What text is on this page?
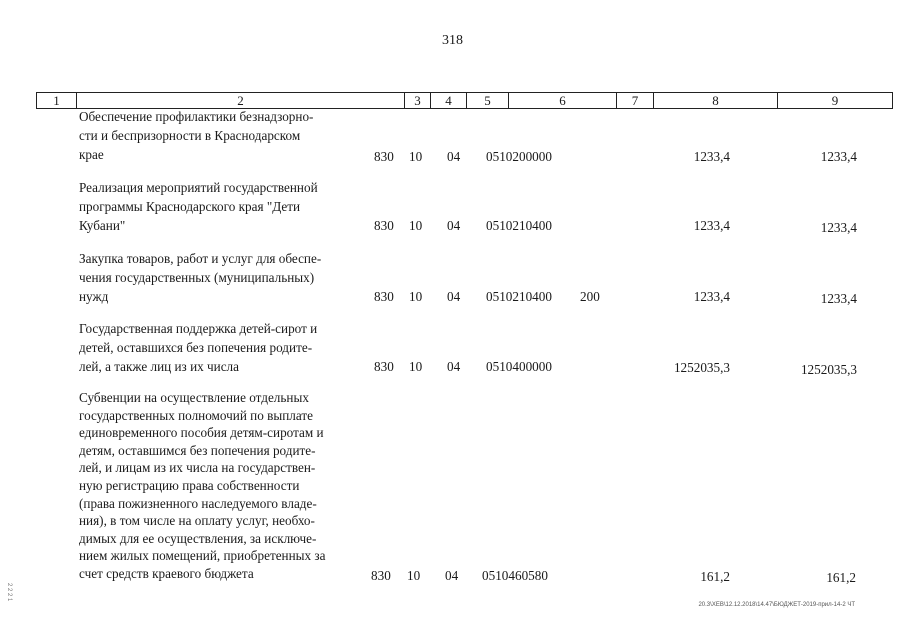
318
1	2	3	4	5	6	7	8	9
Обеспечение профилактики безнадзорно-
сти и беспризорности в Краснодарском
крае	830 10 04 0510200000	1233,4	1233,4
Реализация мероприятий государственной
программы Краснодарского края "Дети
Кубани"	830 10 04 0510210400	1233,4	1233,4
Закупка товаров, работ и услуг для обеспе-
чения государственных (муниципальных)
нужд	830 10 04 0510210400 200	1233,4	1233,4
Государственная поддержка детей-сирот и
детей, оставшихся без попечения родите-
лей, а также лиц из их числа	830 10 04 0510400000	1252035,3	1252035,3
Субвенции на осуществление отдельных
государственных полномочий по выплате
единовременного пособия детям-сиротам и
детям, оставшимся без попечения родите-
лей, и лицам из их числа на государствен-
ную регистрацию права собственности
(права пожизненного наследуемого владе-
ния), в том числе на оплату услуг, необхо-
димых для ее осуществления, за исключе-
нием жилых помещений, приобретенных за
счет средств краевого бюджета	830 10 04 0510460580	161,2	161,2
20.3\ХЕВ\12.12.2018\14.47\БЮДЖЕТ-2019-прил-14-2 ЧТ
2 2 2 1
